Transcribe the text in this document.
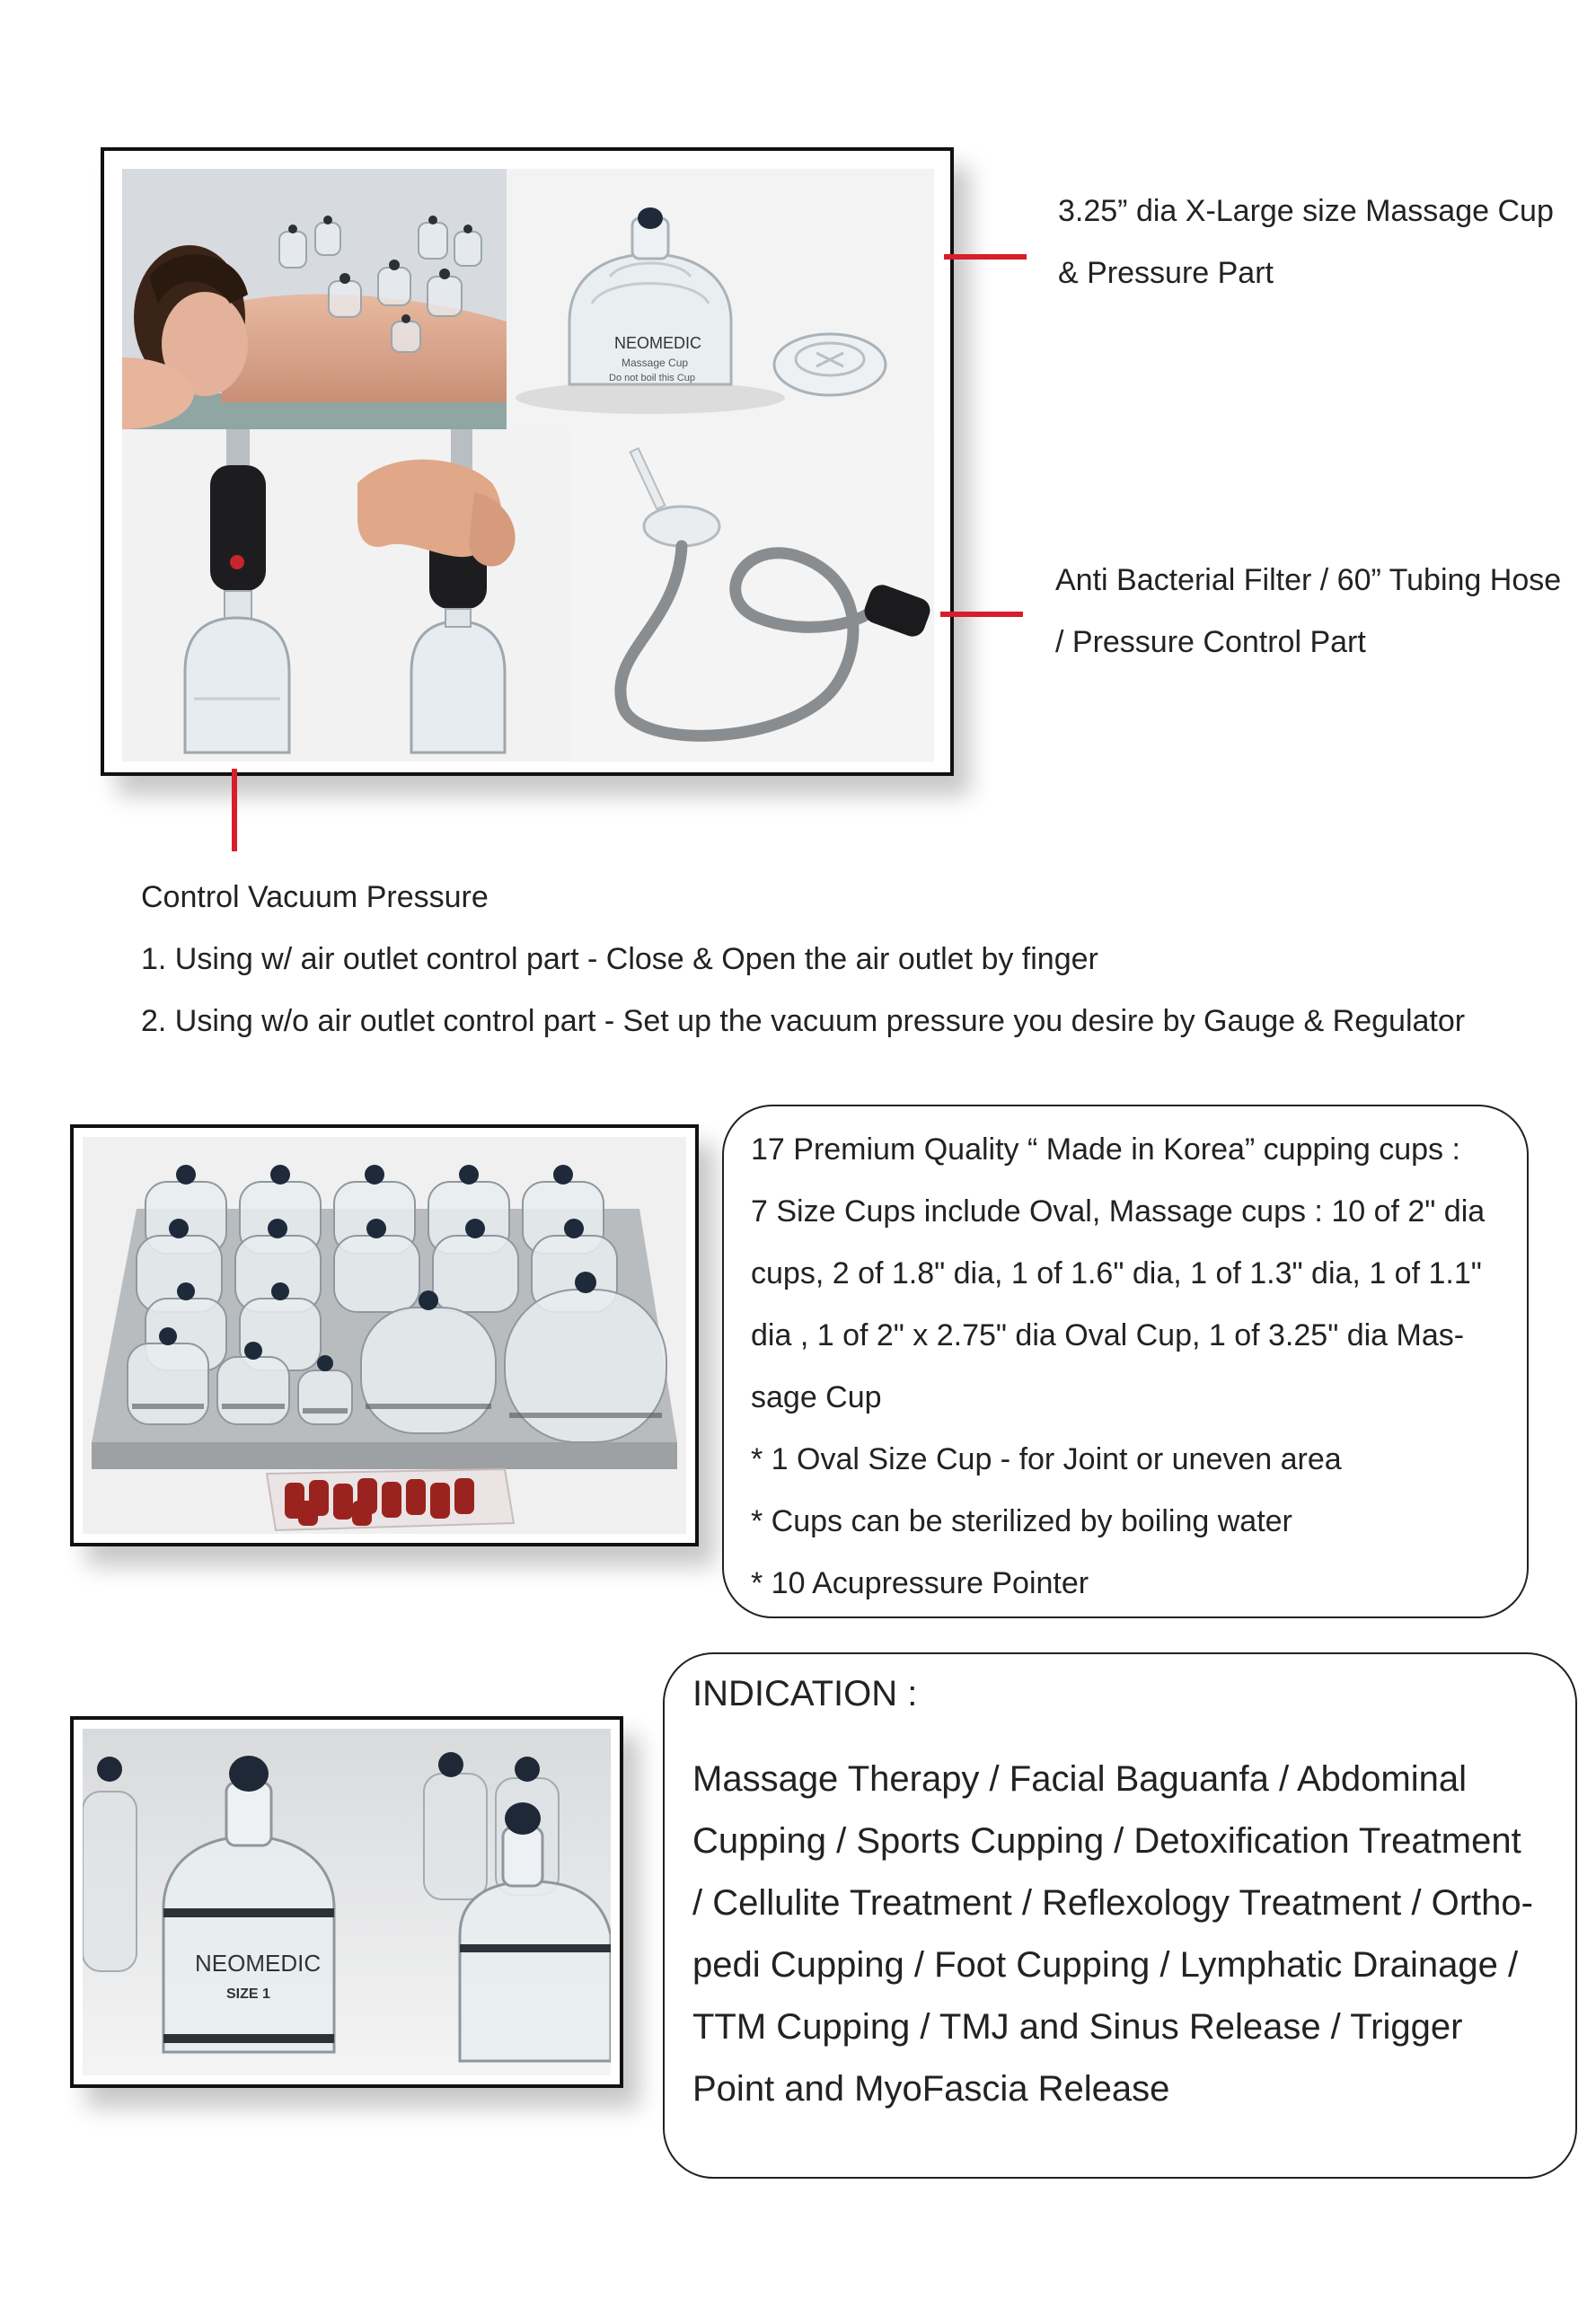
NEOMEDIC
Massage Cup
Do not boil this Cup
3.25” dia X-Large size Massage Cup
& Pressure Part
Anti Bacterial Filter / 60” Tubing Hose
/ Pressure Control Part
Control Vacuum Pressure
1. Using w/ air outlet control part - Close & Open the air outlet by finger
2. Using w/o air outlet control part - Set up the vacuum pressure you desire by Gauge & Regulator
17 Premium Quality “ Made in Korea” cupping cups :
7 Size Cups include Oval, Massage cups : 10 of 2" dia
cups, 2 of 1.8" dia, 1 of 1.6" dia, 1 of 1.3" dia, 1 of 1.1"
dia , 1 of 2" x 2.75" dia Oval Cup, 1 of 3.25" dia Mas-
sage Cup
* 1 Oval Size Cup - for Joint or uneven area
* Cups can be sterilized by boiling water
* 10 Acupressure Pointer
NEOMEDIC
SIZE 1
INDICATION :
Massage Therapy / Facial Baguanfa / Abdominal
Cupping / Sports Cupping / Detoxification Treatment
/ Cellulite Treatment / Reflexology Treatment / Ortho-
pedi Cupping / Foot Cupping / Lymphatic Drainage /
TTM Cupping / TMJ and Sinus Release / Trigger
Point and MyoFascia Release
